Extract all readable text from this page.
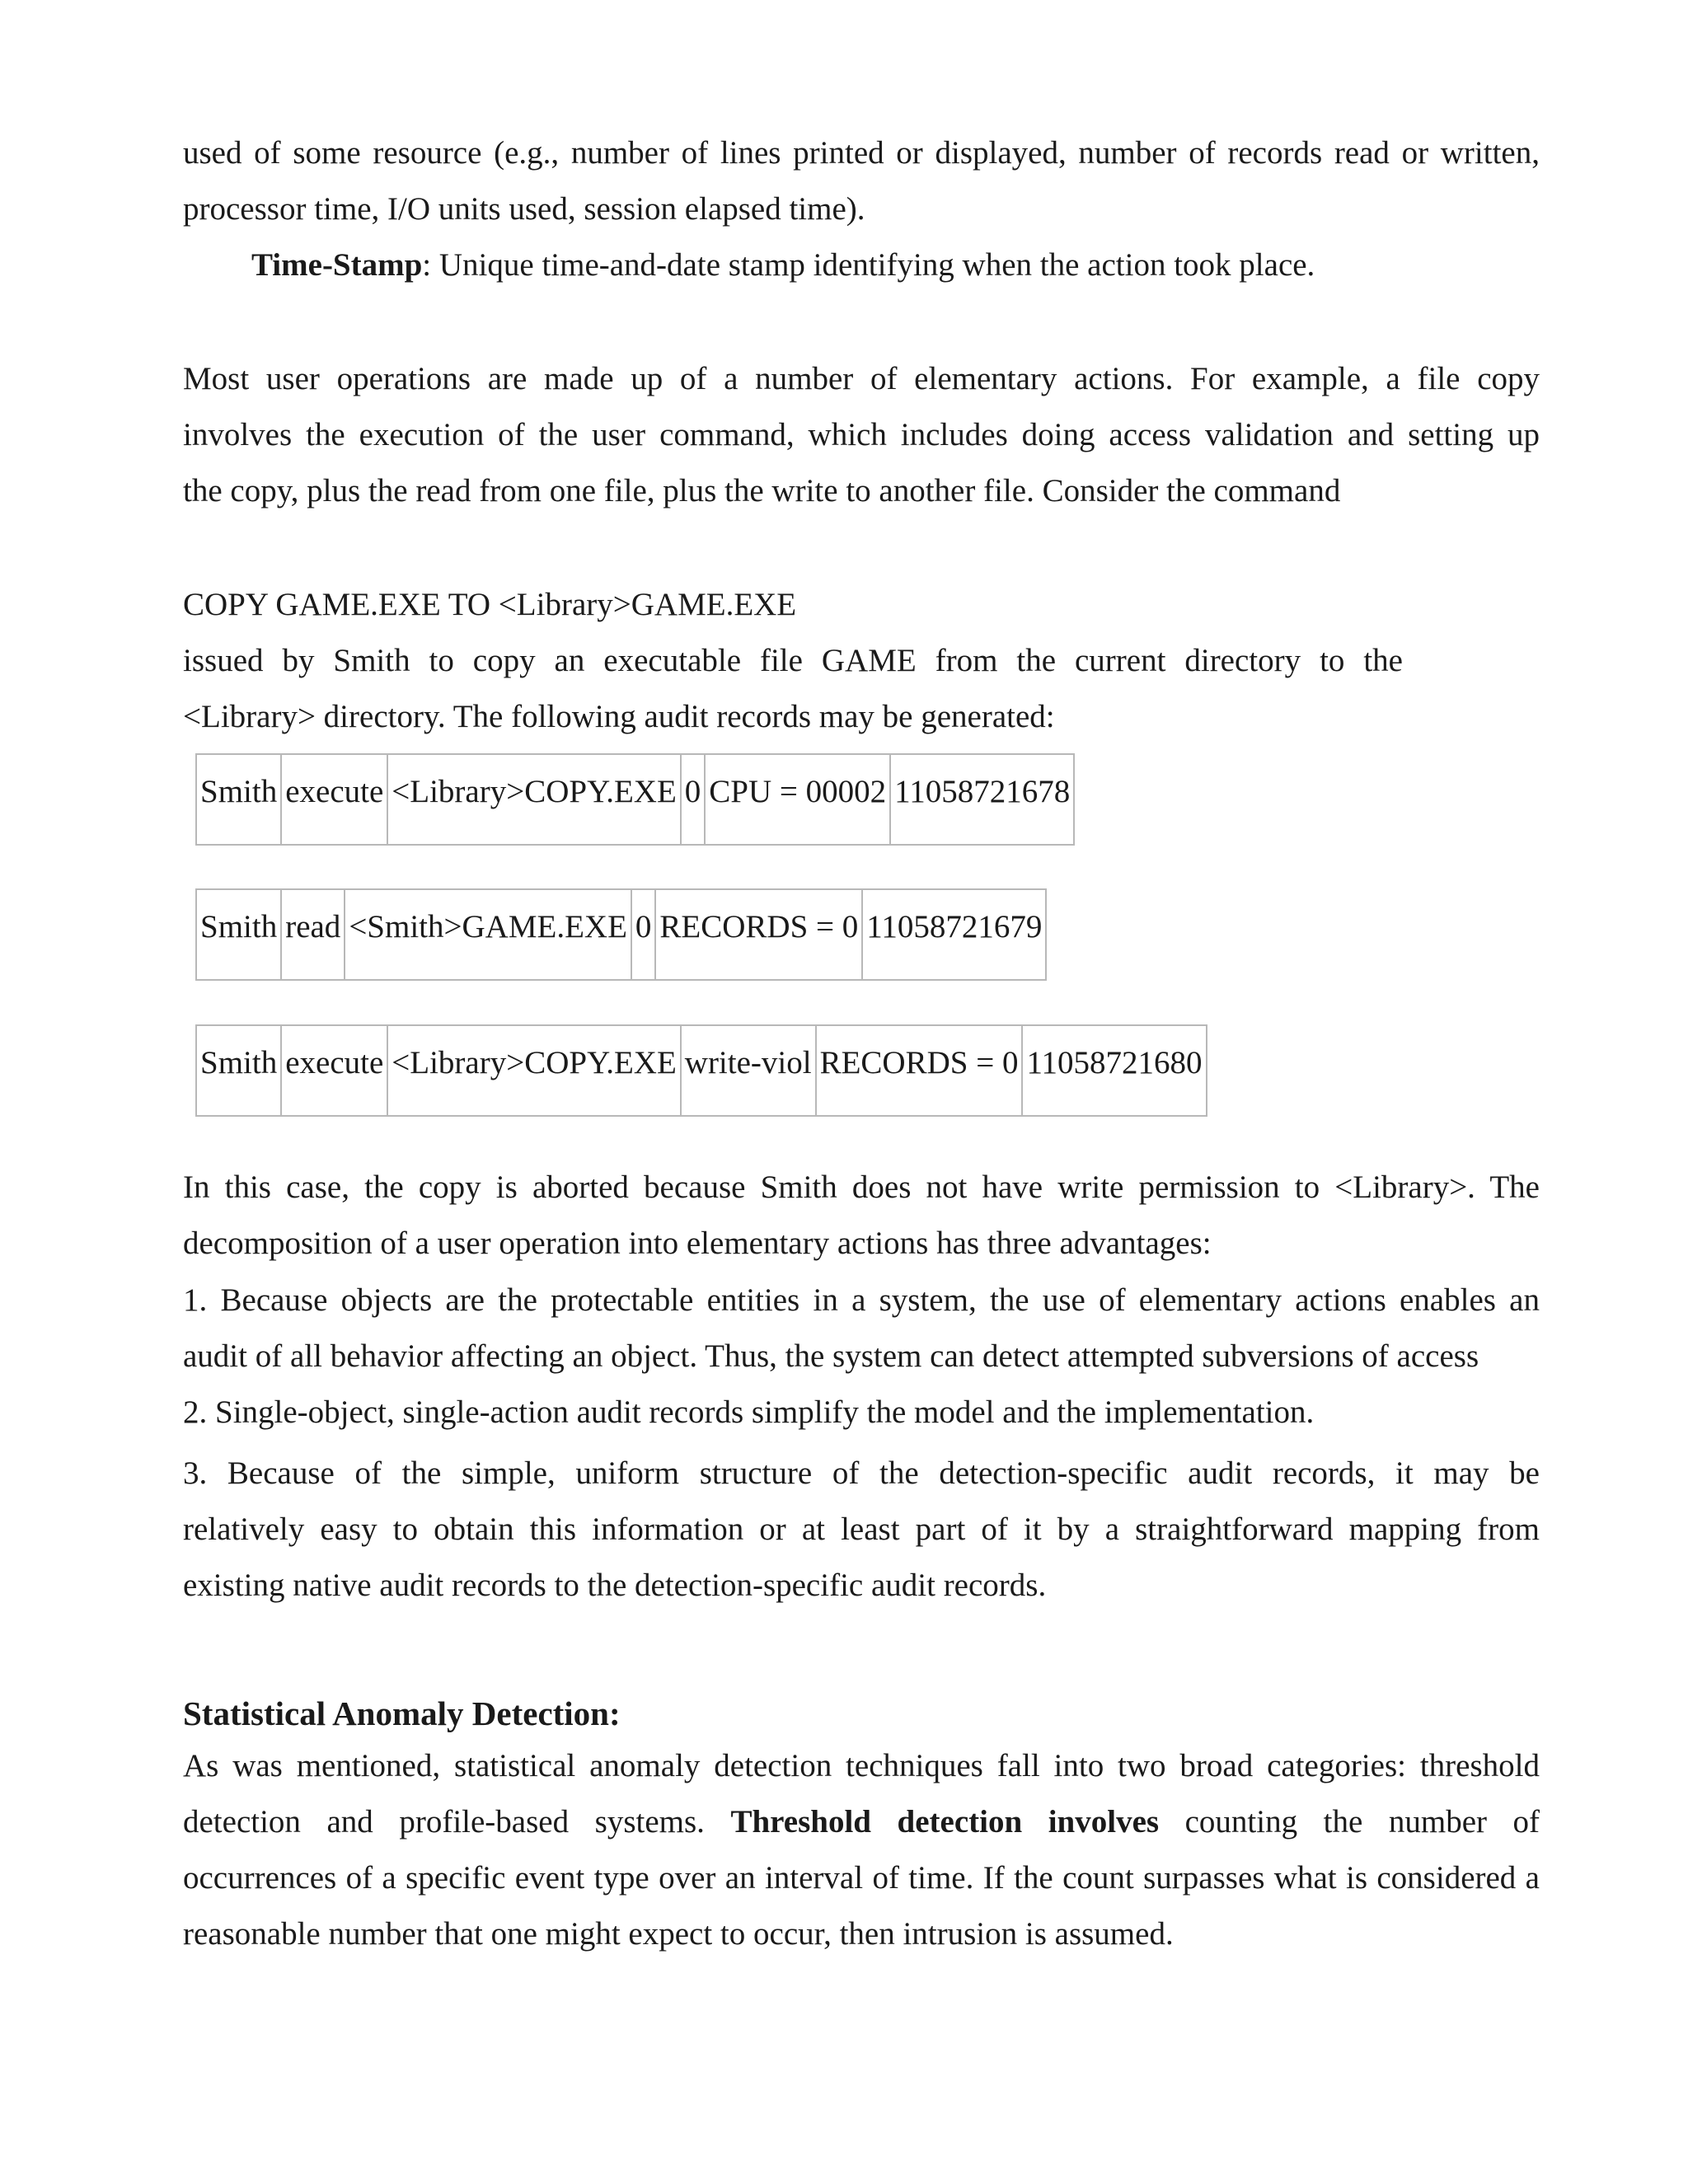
used of some resource (e.g., number of lines printed or displayed, number of records read or written,
processor time, I/O units used, session elapsed time).
Time-Stamp: Unique time-and-date stamp identifying when the action took place.
Most user operations are made up of a number of elementary actions. For example, a file copy
involves the execution of the user command, which includes doing access validation and setting up
the copy, plus the read from one file, plus the write to another file. Consider the command
COPY GAME.EXE TO <Library>GAME.EXE
issued by Smith to copy an executable file GAME from the current directory to the
<Library> directory. The following audit records may be generated:
Smith	execute	<Library>COPY.EXE	0	CPU = 00002	11058721678
Smith	read	<Smith>GAME.EXE	0	RECORDS = 0	11058721679
Smith	execute	<Library>COPY.EXE	write-viol	RECORDS = 0	11058721680
In this case, the copy is aborted because Smith does not have write permission to <Library>. The
decomposition of a user operation into elementary actions has three advantages:
1. Because objects are the protectable entities in a system, the use of elementary actions enables an
audit of all behavior affecting an object. Thus, the system can detect attempted subversions of access
2. Single-object, single-action audit records simplify the model and the implementation.
3. Because of the simple, uniform structure of the detection-specific audit records, it may be
relatively easy to obtain this information or at least part of it by a straightforward mapping from
existing native audit records to the detection-specific audit records.
Statistical Anomaly Detection:
As was mentioned, statistical anomaly detection techniques fall into two broad categories: threshold
detection and profile-based systems. Threshold detection involves counting the number of
occurrences of a specific event type over an interval of time. If the count surpasses what is considered a
reasonable number that one might expect to occur, then intrusion is assumed.
